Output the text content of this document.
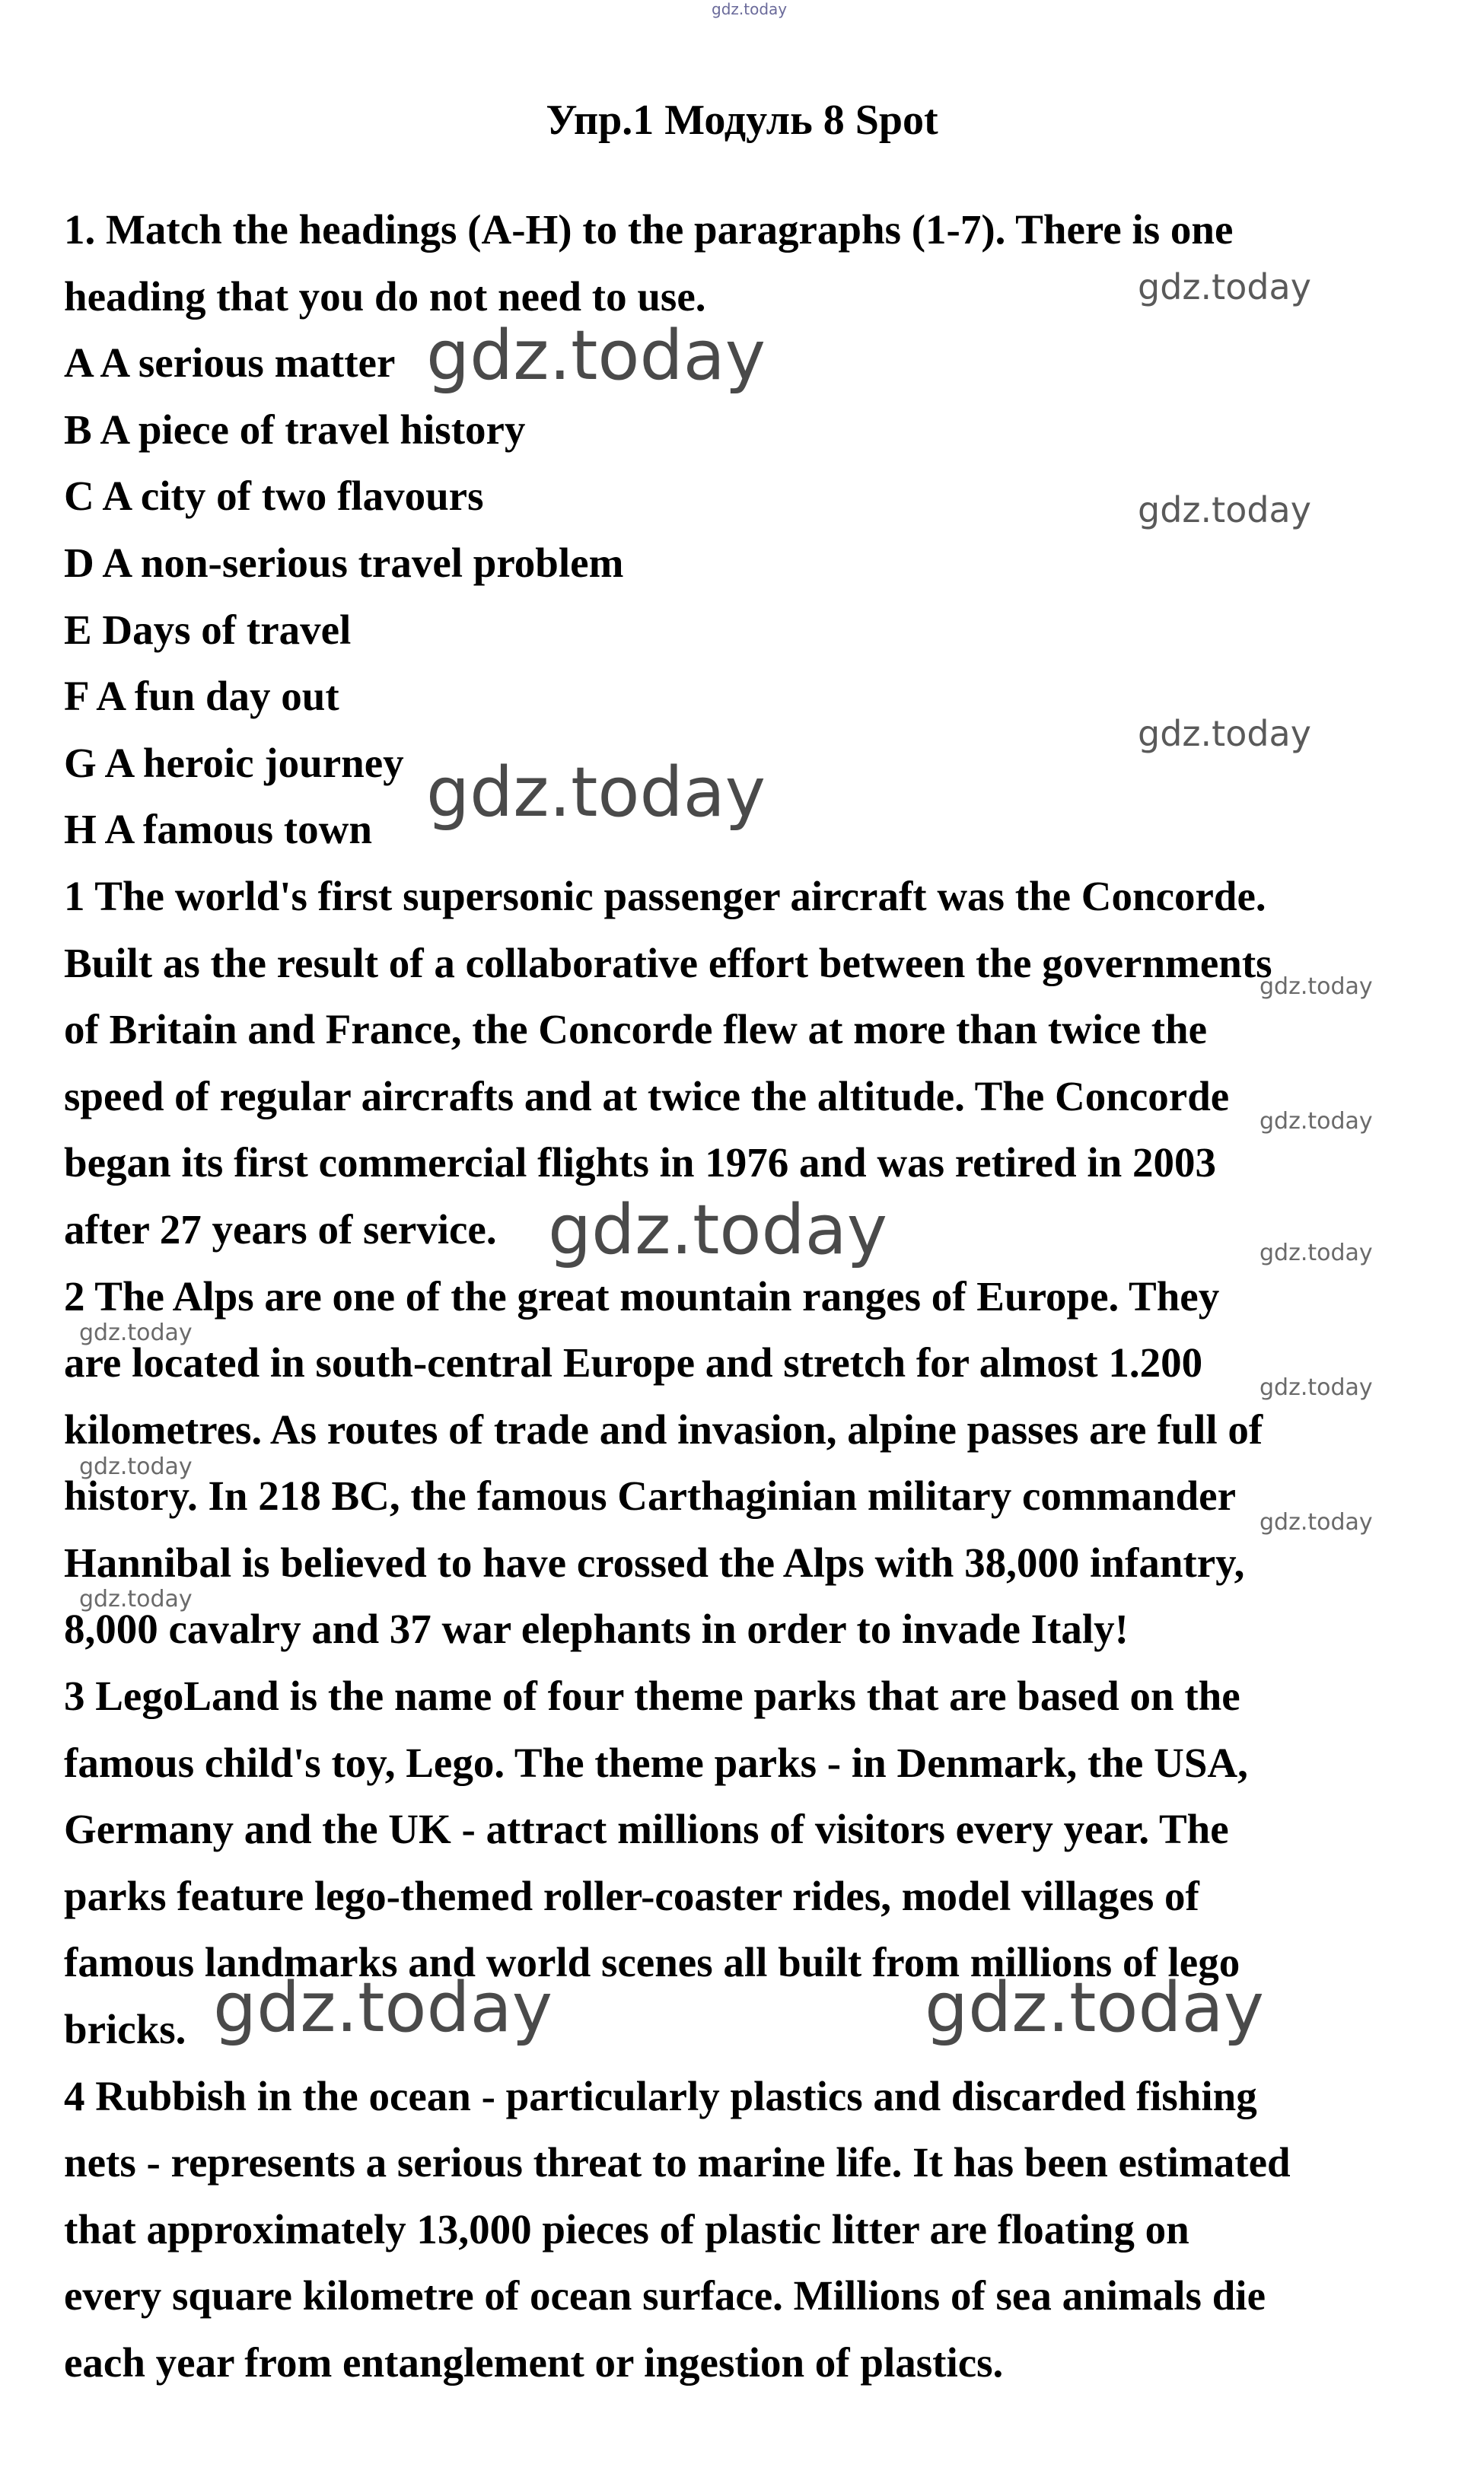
Упр.1 Модуль 8 Spot
1. Match the headings (A-H) to the paragraphs (1-7). There is one
heading that you do not need to use.
A A serious matter
B A piece of travel history
C A city of two flavours
D A non-serious travel problem
E Days of travel
F A fun day out
G A heroic journey
H A famous town
1 The world's first supersonic passenger aircraft was the Concorde.
Built as the result of a collaborative effort between the governments
of Britain and France, the Concorde flew at more than twice the
speed of regular aircrafts and at twice the altitude. The Concorde
began its first commercial flights in 1976 and was retired in 2003
after 27 years of service.
2 The Alps are one of the great mountain ranges of Europe. They
are located in south-central Europe and stretch for almost 1.200
kilometres. As routes of trade and invasion, alpine passes are full of
history. In 218 BC, the famous Carthaginian military commander
Hannibal is believed to have crossed the Alps with 38,000 infantry,
8,000 cavalry and 37 war elephants in order to invade Italy!
3 LegoLand is the name of four theme parks that are based on the
famous child's toy, Lego. The theme parks - in Denmark, the USA,
Germany and the UK - attract millions of visitors every year. The
parks feature lego-themed roller-coaster rides, model villages of
famous landmarks and world scenes all built from millions of lego
bricks.
4 Rubbish in the ocean - particularly plastics and discarded fishing
nets - represents a serious threat to marine life. It has been estimated
that approximately 13,000 pieces of plastic litter are floating on
every square kilometre of ocean surface. Millions of sea animals die
each year from entanglement or ingestion of plastics.
gdz.today
gdz.today
gdz.today
gdz.today
gdz.today
gdz.today
gdz.today
gdz.today
gdz.today	gdz.today
gdz.today
gdz.today
gdz.today
gdz.today
gdz.today
gdz.today	gdz.today
